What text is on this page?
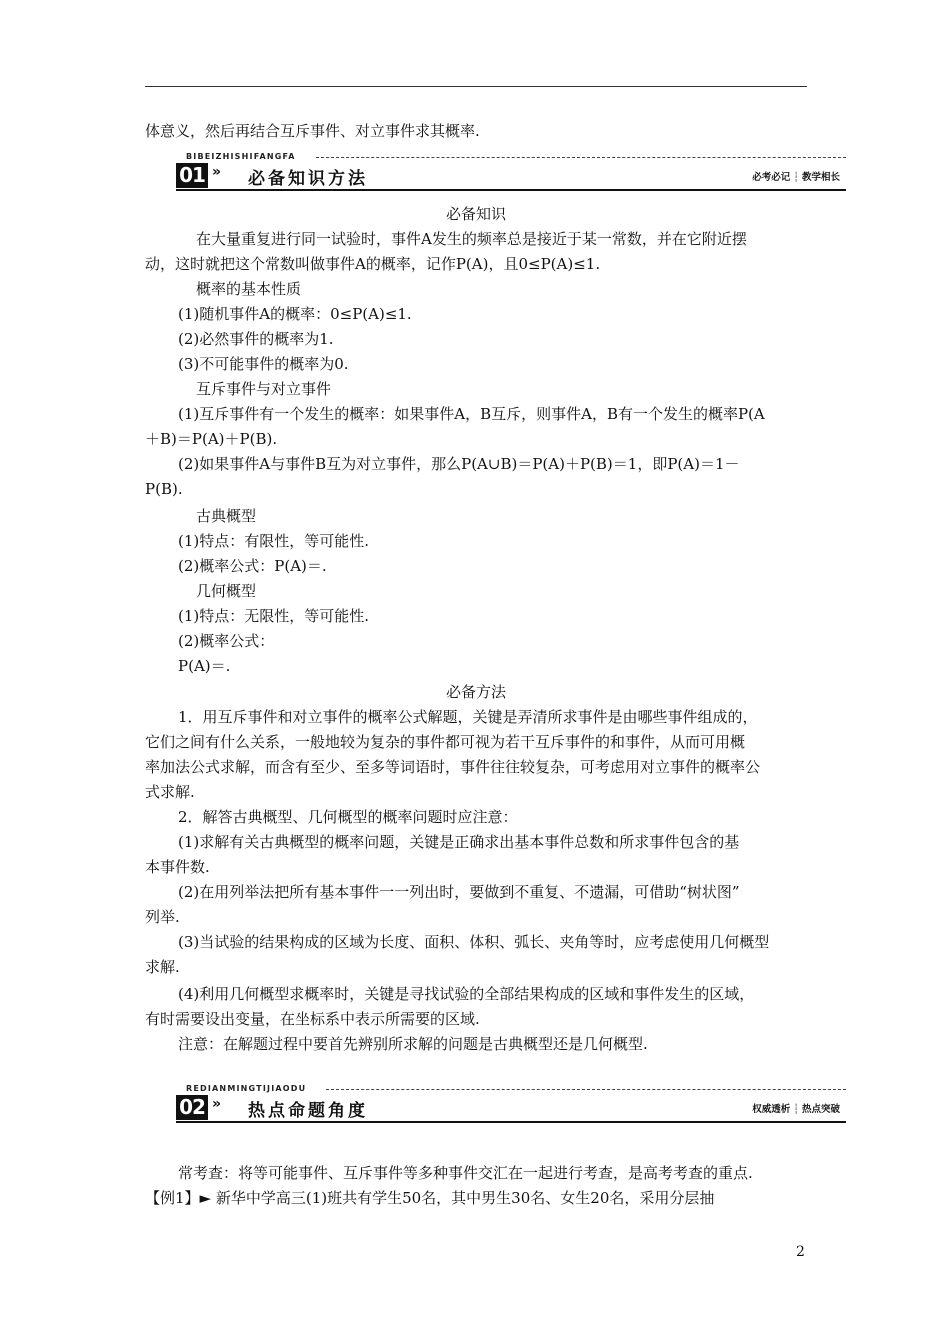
体意义，然后再结合互斥事件、对立事件求其概率.
BIBEIZHISHIFANGFA
01 » 必备知识方法	必考必记 ┆ 教学相长
必备知识
在大量重复进行同一试验时，事件A发生的频率总是接近于某一常数，并在它附近摆
动，这时就把这个常数叫做事件A的概率，记作P(A)，且0≤P(A)≤1.
概率的基本性质
(1)随机事件A的概率：0≤P(A)≤1.
(2)必然事件的概率为1.
(3)不可能事件的概率为0.
互斥事件与对立事件
(1)互斥事件有一个发生的概率：如果事件A，B互斥，则事件A，B有一个发生的概率P(A
＋B)＝P(A)＋P(B).
(2)如果事件A与事件B互为对立事件，那么P(A∪B)＝P(A)＋P(B)＝1，即P(A)＝1－
P(B).
古典概型
(1)特点：有限性，等可能性.
(2)概率公式：P(A)＝.
几何概型
(1)特点：无限性，等可能性.
(2)概率公式：
P(A)＝.
必备方法
1．用互斥事件和对立事件的概率公式解题，关键是弄清所求事件是由哪些事件组成的，
它们之间有什么关系，一般地较为复杂的事件都可视为若干互斥事件的和事件，从而可用概
率加法公式求解，而含有至少、至多等词语时，事件往往较复杂，可考虑用对立事件的概率公
式求解.
2．解答古典概型、几何概型的概率问题时应注意：
(1)求解有关古典概型的概率问题，关键是正确求出基本事件总数和所求事件包含的基
本事件数.
(2)在用列举法把所有基本事件一一列出时，要做到不重复、不遗漏，可借助“树状图”
列举.
(3)当试验的结果构成的区域为长度、面积、体积、弧长、夹角等时，应考虑使用几何概型
求解.
(4)利用几何概型求概率时，关键是寻找试验的全部结果构成的区域和事件发生的区域，
有时需要设出变量，在坐标系中表示所需要的区域.
注意：在解题过程中要首先辨别所求解的问题是古典概型还是几何概型.
REDIANMINGTIJIAODU
02 » 热点命题角度	权威透析 ┆ 热点突破
常考查：将等可能事件、互斥事件等多种事件交汇在一起进行考查，是高考考查的重点.
【例1】► 新华中学高三(1)班共有学生50名，其中男生30名、女生20名，采用分层抽
2
